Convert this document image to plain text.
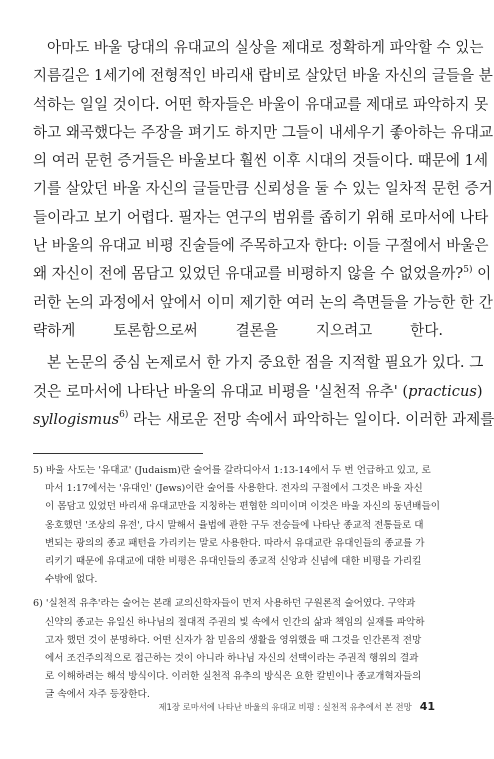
아마도 바울 당대의 유대교의 실상을 제대로 정확하게 파악할 수 있는
지름길은 1세기에 전형적인 바리새 랍비로 살았던 바울 자신의 글들을 분
석하는 일일 것이다. 어떤 학자들은 바울이 유대교를 제대로 파악하지 못
하고 왜곡했다는 주장을 펴기도 하지만 그들이 내세우기 좋아하는 유대교
의 여러 문헌 증거들은 바울보다 훨씬 이후 시대의 것들이다. 때문에 1세
기를 살았던 바울 자신의 글들만큼 신뢰성을 둘 수 있는 일차적 문헌 증거
들이라고 보기 어렵다. 필자는 연구의 범위를 좁히기 위해 로마서에 나타
난 바울의 유대교 비평 진술들에 주목하고자 한다: 이들 구절에서 바울은
왜 자신이 전에 몸담고 있었던 유대교를 비평하지 않을 수 없었을까?$^{5)}$ 이
러한 논의 과정에서 앞에서 이미 제기한 여러 논의 측면들을 가능한 한 간
략하게 토론함으로써 결론을 지으려고 한다.

본 논문의 중심 논제로서 한 가지 중요한 점을 지적할 필요가 있다. 그
것은 로마서에 나타난 바울의 유대교 비평을 '실천적 유추' (practicus)
syllogismus$^{6)}$ 라는 새로운 전망 속에서 파악하는 일이다. 이러한 과제를

5) 바울 사도는 '유대교' (Judaism)란 술어를 갈라디아서 1:13-14에서 두 번 언급하고 있고, 로
마서 1:17에서는 '유대인' (Jews)이란 술어를 사용한다. 전자의 구절에서 그것은 바울 자신
이 몸담고 있었던 바리새 유대교만을 지칭하는 편협한 의미이며 이것은 바울 자신의 동년배들이
옹호했던 '조상의 유전', 다시 말해서 율법에 관한 구두 전승들에 나타난 종교적 전통들로 대
변되는 광의의 종교 패턴을 가리키는 말로 사용한다. 따라서 유대교란 유대인들의 종교를 가
리키기 때문에 유대교에 대한 비평은 유대인들의 종교적 신앙과 신념에 대한 비평을 가리킬
수밖에 없다.
6) '실천적 유추'라는 술어는 본래 교의신학자들이 먼저 사용하던 구원론적 술어였다. 구약과
신약의 종교는 유일신 하나님의 절대적 주권의 빛 속에서 인간의 삶과 책임의 실재를 파악하
고자 했던 것이 분명하다. 어떤 신자가 참 믿음의 생활을 영위했을 때 그것을 인간론적 전망
에서 조건주의적으로 접근하는 것이 아니라 하나님 자신의 선택이라는 주권적 행위의 결과
로 이해하려는 해석 방식이다. 이러한 실천적 유추의 방식은 요한 칼빈이나 종교개혁자들의
글 속에서 자주 등장한다.
제1장 로마서에 나타난 바울의 유대교 비평 : 실천적 유추에서 본 전망 41
